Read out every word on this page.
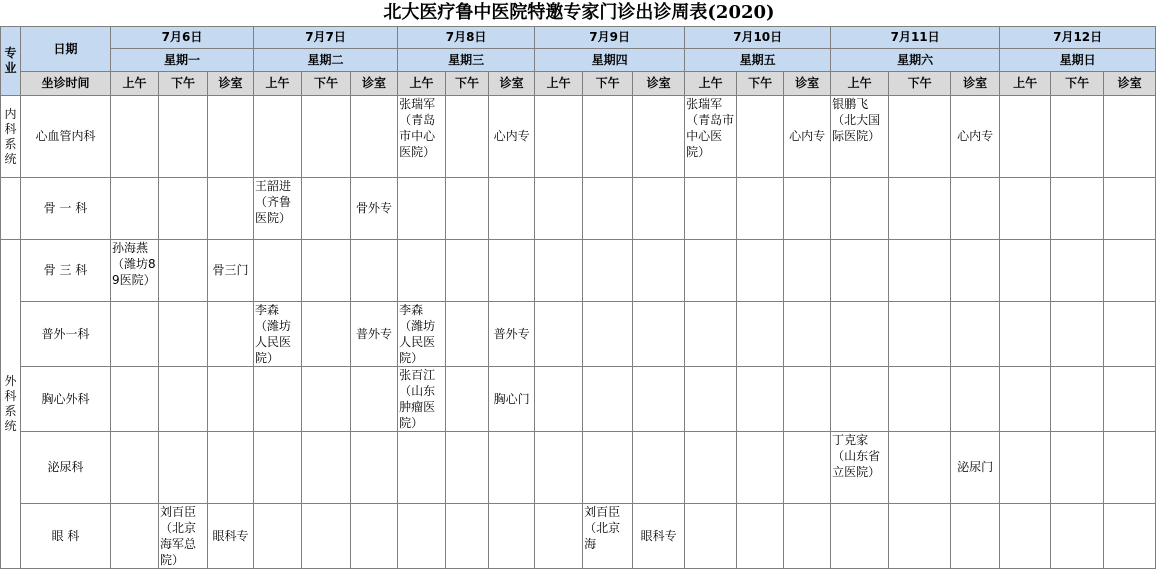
北大医疗鲁中医院特邀专家门诊出诊周表(2020)
专业	日期	7月6日			7月7日			7月8日			7月9日			7月10日			7月11日			7月12日		
		星期一			星期二			星期三			星期四			星期五			星期六			星期日		
	坐诊时间	上午	下午	诊室	上午	下午	诊室	上午	下午	诊室	上午	下午	诊室	上午	下午	诊室	上午	下午	诊室	上午	下午	诊室

内科系统	心血管内科							张瑞军（青岛市中心医院）		心内专				张瑞军（青岛市中心医院）		心内专	银鹏飞（北大国际医院）		心内专			
	骨 一 科				王韶进（齐鲁医院）		骨外专															

外科系统	骨 三 科	孙海燕（潍坊89医院）		骨三门																		
	普外一科				李森（潍坊人民医院）		普外专	李森（潍坊人民医院）		普外专												
	胸心外科							张百江（山东肿瘤医院）		胸心门												
	泌尿科																丁克家（山东省立医院）		泌尿门			
	眼 科		刘百臣（北京海军总院）	眼科专								刘百臣（北京海	眼科专									
